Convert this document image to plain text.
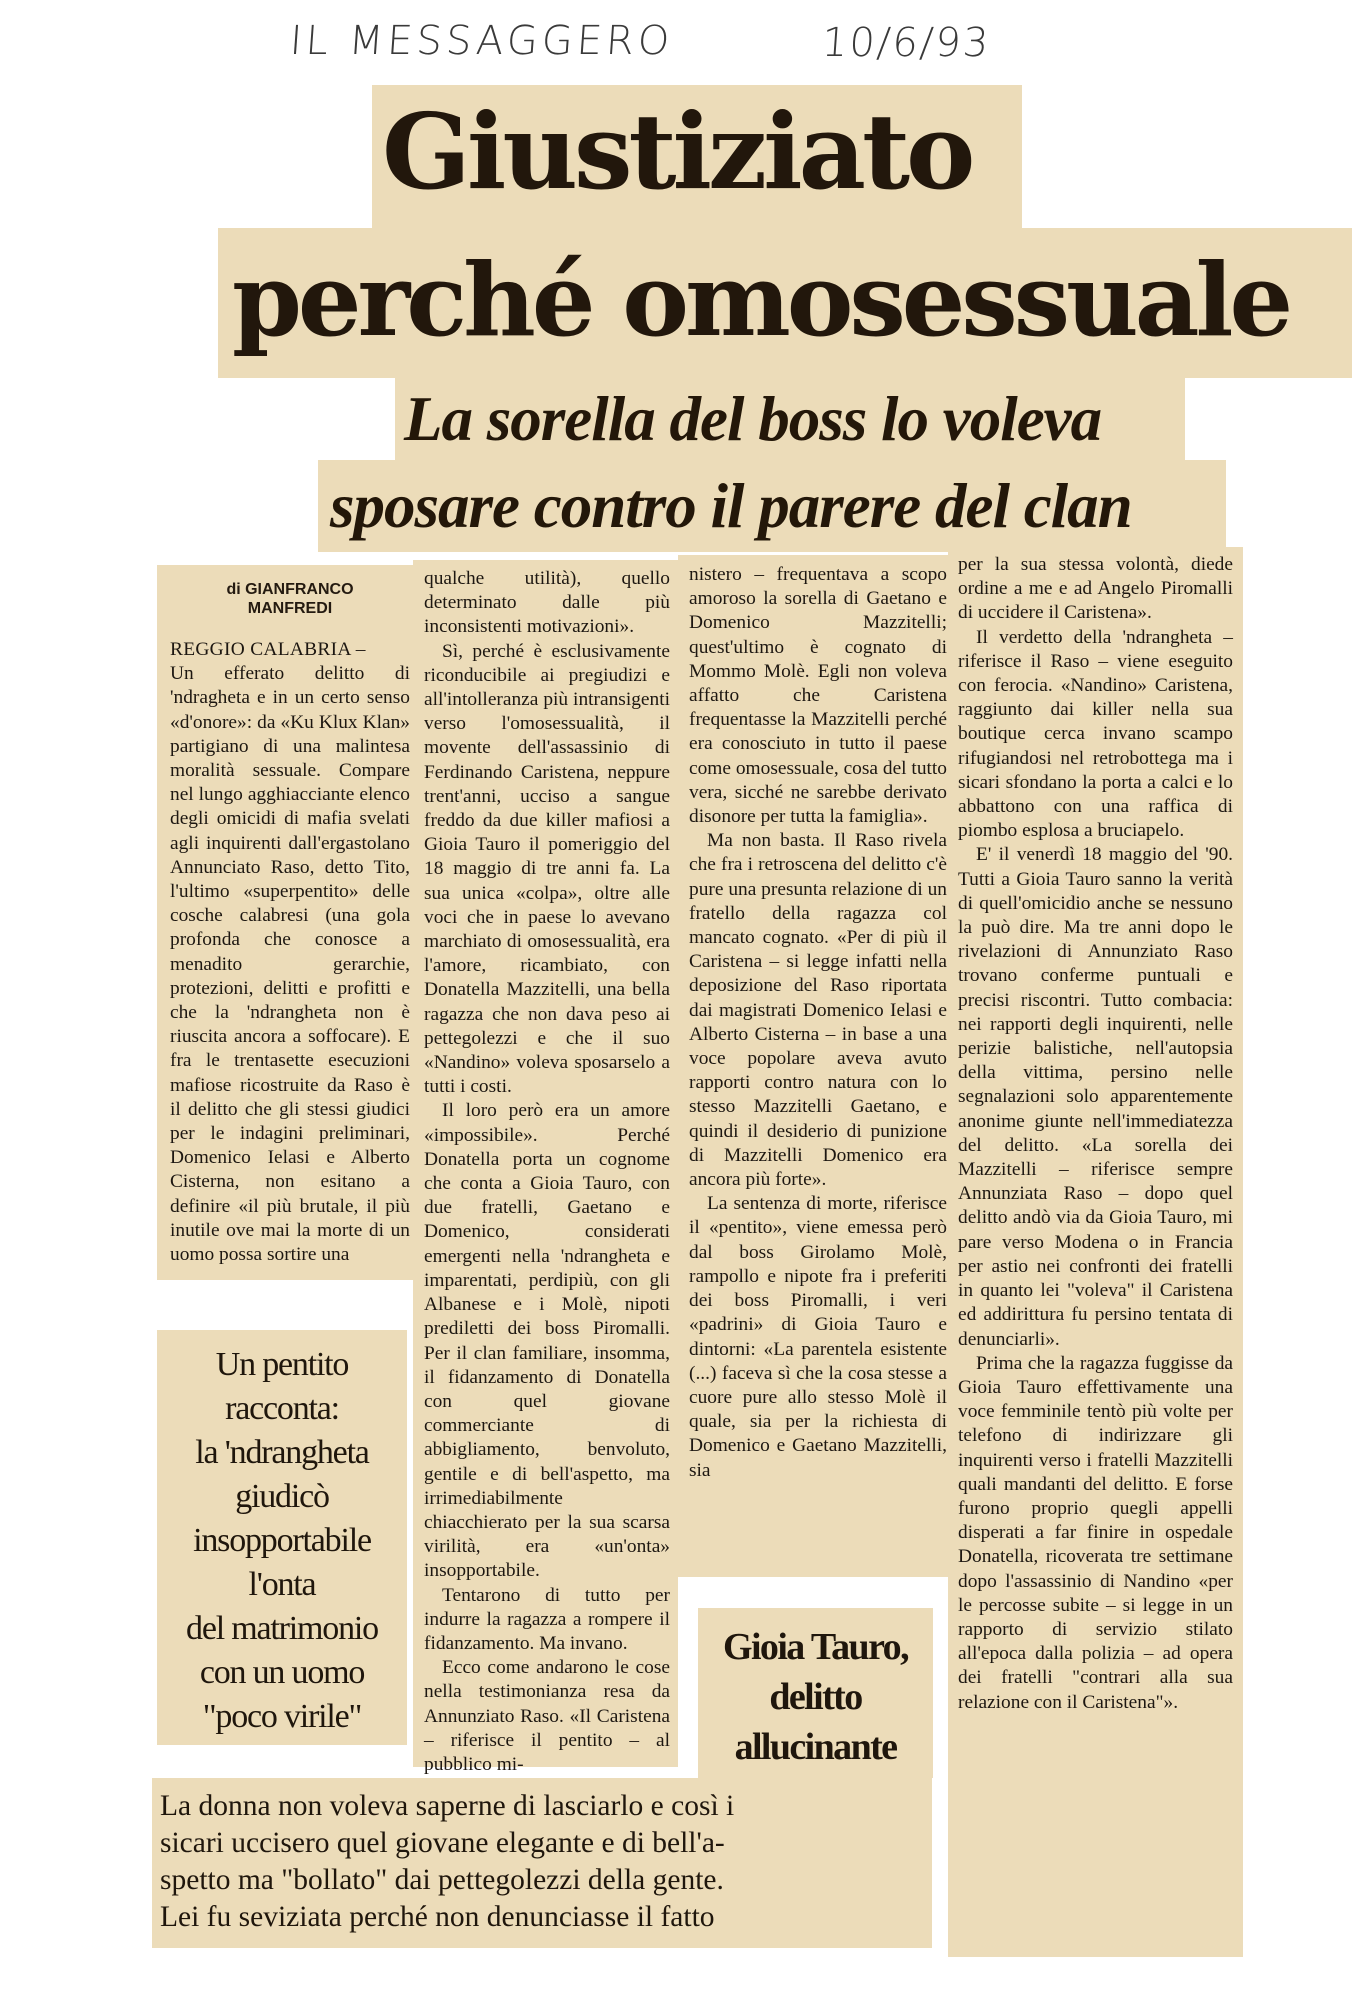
IL MESSAGGERO	10/6/93
Giustiziato
perché omosessuale
La sorella del boss lo voleva
sposare contro il parere del clan
di GIANFRANCO
MANFREDI

REGGIO CALABRIA –

Un efferato delitto di 'ndragheta e in un certo senso «d'onore»: da «Ku Klux Klan» partigiano di una malintesa moralità sessuale. Compare nel lungo agghiacciante elenco degli omicidi di mafia svelati agli inquirenti dall'ergastolano Annunciato Raso, detto Tito, l'ultimo «superpentito» delle cosche calabresi (una gola profonda che conosce a menadito gerarchie, protezioni, delitti e profitti e che la 'ndrangheta non è riuscita ancora a soffocare). E fra le trentasette esecuzioni mafiose ricostruite da Raso è il delitto che gli stessi giudici per le indagini preliminari, Domenico Ielasi e Alberto Cisterna, non esitano a definire «il più brutale, il più inutile ove mai la morte di un uomo possa sortire una

qualche utilità), quello determinato dalle più inconsistenti motivazioni».

Sì, perché è esclusivamente riconducibile ai pregiudizi e all'intolleranza più intransigenti verso l'omosessualità, il movente dell'assassinio di Ferdinando Caristena, neppure trent'anni, ucciso a sangue freddo da due killer mafiosi a Gioia Tauro il pomeriggio del 18 maggio di tre anni fa. La sua unica «colpa», oltre alle voci che in paese lo avevano marchiato di omosessualità, era l'amore, ricambiato, con Donatella Mazzitelli, una bella ragazza che non dava peso ai pettegolezzi e che il suo «Nandino» voleva sposarselo a tutti i costi.

Il loro però era un amore «impossibile». Perché Donatella porta un cognome che conta a Gioia Tauro, con due fratelli, Gaetano e Domenico, considerati emergenti nella 'ndrangheta e imparentati, perdipiù, con gli Albanese e i Molè, nipoti prediletti dei boss Piromalli. Per il clan familiare, insomma, il fidanzamento di Donatella con quel giovane commerciante di abbigliamento, benvoluto, gentile e di bell'aspetto, ma irrimediabilmente chiacchierato per la sua scarsa virilità, era «un'onta» insopportabile.

Tentarono di tutto per indurre la ragazza a rompere il fidanzamento. Ma invano.

Ecco come andarono le cose nella testimonianza resa da Annunziato Raso. «Il Caristena – riferisce il pentito – al pubblico mi-

nistero – frequentava a scopo amoroso la sorella di Gaetano e Domenico Mazzitelli; quest'ultimo è cognato di Mommo Molè. Egli non voleva affatto che Caristena frequentasse la Mazzitelli perché era conosciuto in tutto il paese come omosessuale, cosa del tutto vera, sicché ne sarebbe derivato disonore per tutta la famiglia».

Ma non basta. Il Raso rivela che fra i retroscena del delitto c'è pure una presunta relazione di un fratello della ragazza col mancato cognato. «Per di più il Caristena – si legge infatti nella deposizione del Raso riportata dai magistrati Domenico Ielasi e Alberto Cisterna – in base a una voce popolare aveva avuto rapporti contro natura con lo stesso Mazzitelli Gaetano, e quindi il desiderio di punizione di Mazzitelli Domenico era ancora più forte».

La sentenza di morte, riferisce il «pentito», viene emessa però dal boss Girolamo Molè, rampollo e nipote fra i preferiti dei boss Piromalli, i veri «padrini» di Gioia Tauro e dintorni: «La parentela esistente (...) faceva sì che la cosa stesse a cuore pure allo stesso Molè il quale, sia per la richiesta di Domenico e Gaetano Mazzitelli, sia

per la sua stessa volontà, diede ordine a me e ad Angelo Piromalli di uccidere il Caristena».

Il verdetto della 'ndrangheta – riferisce il Raso – viene eseguito con ferocia. «Nandino» Caristena, raggiunto dai killer nella sua boutique cerca invano scampo rifugiandosi nel retrobottega ma i sicari sfondano la porta a calci e lo abbattono con una raffica di piombo esplosa a bruciapelo.

E' il venerdì 18 maggio del '90. Tutti a Gioia Tauro sanno la verità di quell'omicidio anche se nessuno la può dire. Ma tre anni dopo le rivelazioni di Annunziato Raso trovano conferme puntuali e precisi riscontri. Tutto combacia: nei rapporti degli inquirenti, nelle perizie balistiche, nell'autopsia della vittima, persino nelle segnalazioni solo apparentemente anonime giunte nell'immediatezza del delitto. «La sorella dei Mazzitelli – riferisce sempre Annunziata Raso – dopo quel delitto andò via da Gioia Tauro, mi pare verso Modena o in Francia per astio nei confronti dei fratelli in quanto lei "voleva" il Caristena ed addirittura fu persino tentata di denunciarli».

Prima che la ragazza fuggisse da Gioia Tauro effettivamente una voce femminile tentò più volte per telefono di indirizzare gli inquirenti verso i fratelli Mazzitelli quali mandanti del delitto. E forse furono proprio quegli appelli disperati a far finire in ospedale Donatella, ricoverata tre settimane dopo l'assassinio di Nandino «per le percosse subite – si legge in un rapporto di servizio stilato all'epoca dalla polizia – ad opera dei fratelli "contrari alla sua relazione con il Caristena"».

Un pentito
racconta:
la 'ndrangheta
giudicò
insopportabile
l'onta
del matrimonio
con un uomo
"poco virile"
Gioia Tauro,
delitto
allucinante
La donna non voleva saperne di lasciarlo e così i
sicari uccisero quel giovane elegante e di bell'a-
spetto ma "bollato" dai pettegolezzi della gente.
Lei fu seviziata perché non denunciasse il fatto
